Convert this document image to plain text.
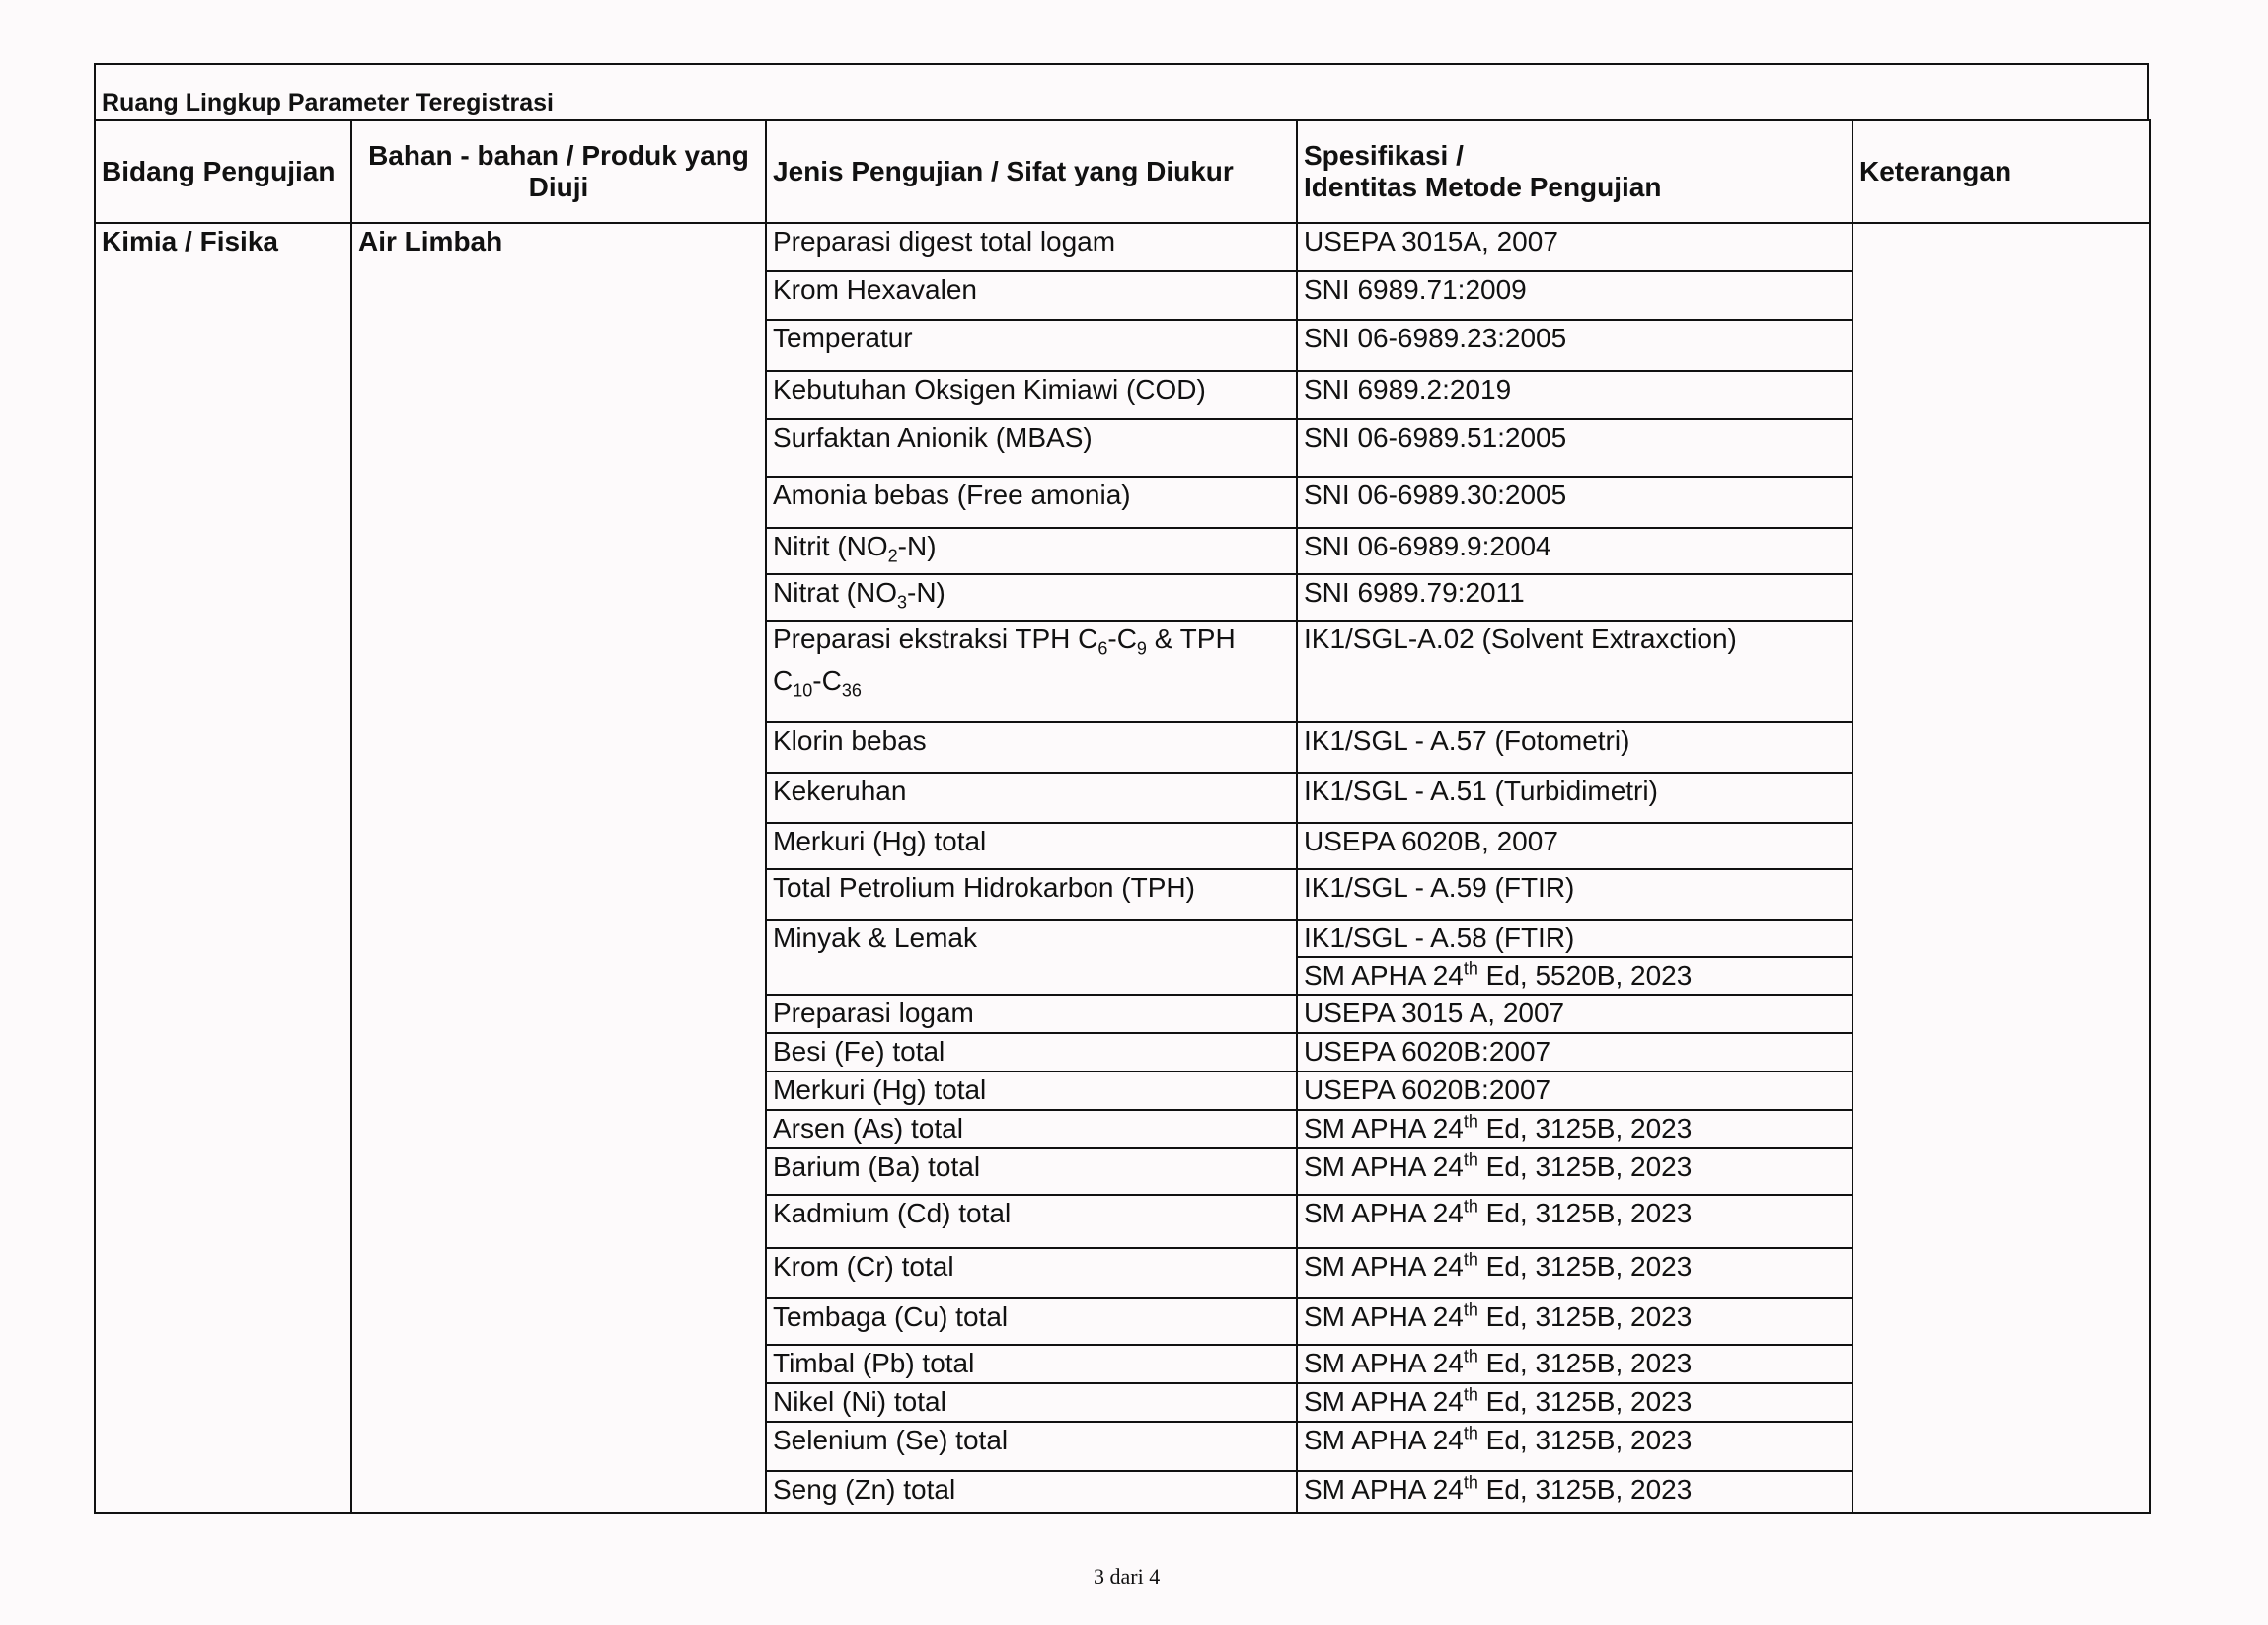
Ruang Lingkup Parameter Teregistrasi
Bidang Pengujian	Bahan - bahan / Produk yang Diuji	Jenis Pengujian / Sifat yang Diukur	Spesifikasi /
Identitas Metode Pengujian	Keterangan
Kimia / Fisika	Air Limbah	Preparasi digest total logam	USEPA 3015A, 2007	

		Krom Hexavalen	SNI 6989.71:2009	

		Temperatur	SNI 06-6989.23:2005	

		Kebutuhan Oksigen Kimiawi (COD)	SNI 6989.2:2019	

		Surfaktan Anionik (MBAS)	SNI 06-6989.51:2005	

		Amonia bebas (Free amonia)	SNI 06-6989.30:2005	

		Nitrit $(NO_2-N)$	SNI 06-6989.9:2004	

		Nitrat $(NO_3-N)$	SNI 6989.79:2011	

		Preparasi ekstraksi TPH $C_6-C_9$ & TPH
$C_{10}-C_{36}$	IK1/SGL-A.02 (Solvent Extraxction)	

		Klorin bebas	IK1/SGL - A.57 (Fotometri)	

		Kekeruhan	IK1/SGL - A.51 (Turbidimetri)	

		Merkuri (Hg) total	USEPA 6020B, 2007	

		Total Petrolium Hidrokarbon (TPH)	IK1/SGL - A.59 (FTIR)	

		Minyak & Lemak	IK1/SGL - A.58 (FTIR)
SM APHA 24th Ed, 5520B, 2023	

		Preparasi logam	USEPA 3015 A, 2007	

		Besi (Fe) total	USEPA 6020B:2007	

		Merkuri (Hg) total	USEPA 6020B:2007	

		Arsen (As) total	SM APHA 24th Ed, 3125B, 2023	
		Barium (Ba) total	SM APHA 24th Ed, 3125B, 2023	
		Kadmium (Cd) total	SM APHA 24th Ed, 3125B, 2023	
		Krom (Cr) total	SM APHA 24th Ed, 3125B, 2023	
		Tembaga (Cu) total	SM APHA 24th Ed, 3125B, 2023	
		Timbal (Pb) total	SM APHA 24th Ed, 3125B, 2023	
		Nikel (Ni) total	SM APHA 24th Ed, 3125B, 2023	
		Selenium (Se) total	SM APHA 24th Ed, 3125B, 2023	
		Seng (Zn) total	SM APHA 24th Ed, 3125B, 2023	
3 dari 4
